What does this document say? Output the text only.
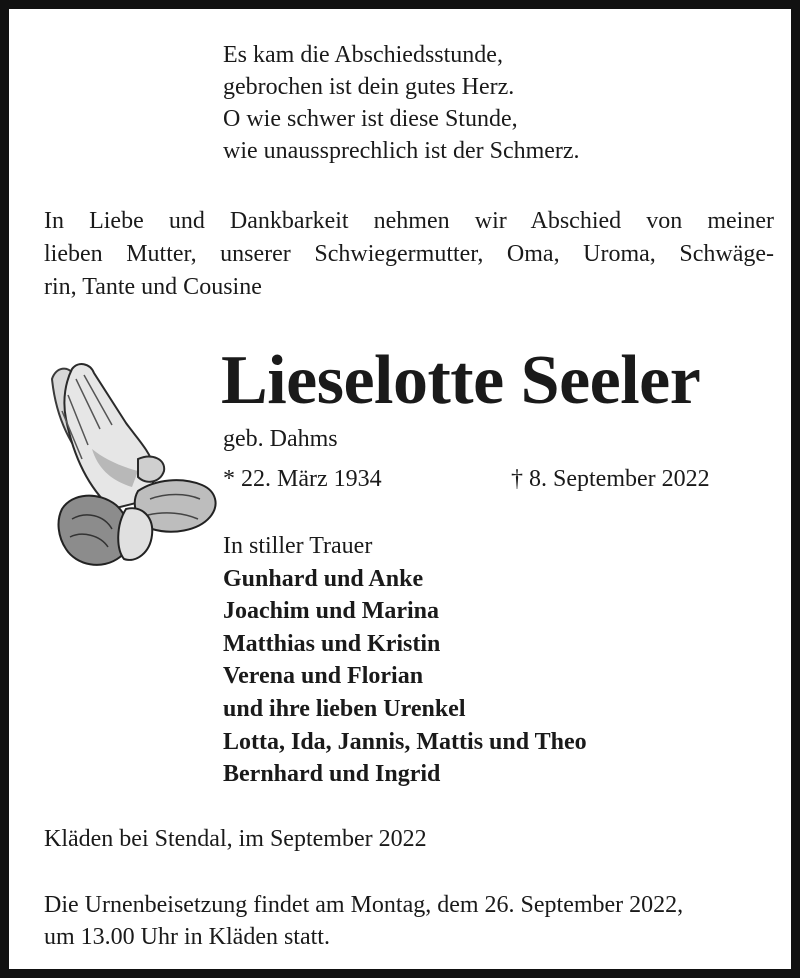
Es kam die Abschiedsstunde,
gebrochen ist dein gutes Herz.
O wie schwer ist diese Stunde,
wie unaussprechlich ist der Schmerz.
In Liebe und Dankbarkeit nehmen wir Abschied von meiner
lieben Mutter, unserer Schwiegermutter, Oma, Uroma, Schwäge-
rin, Tante und Cousine
Lieselotte Seeler
geb. Dahms
* 22. März 1934	† 8. September 2022
In stiller Trauer
Gunhard und Anke
Joachim und Marina
Matthias und Kristin
Verena und Florian
und ihre lieben Urenkel
Lotta, Ida, Jannis, Mattis und Theo
Bernhard und Ingrid
Kläden bei Stendal, im September 2022
Die Urnenbeisetzung findet am Montag, dem 26. September 2022,
um 13.00 Uhr in Kläden statt.
